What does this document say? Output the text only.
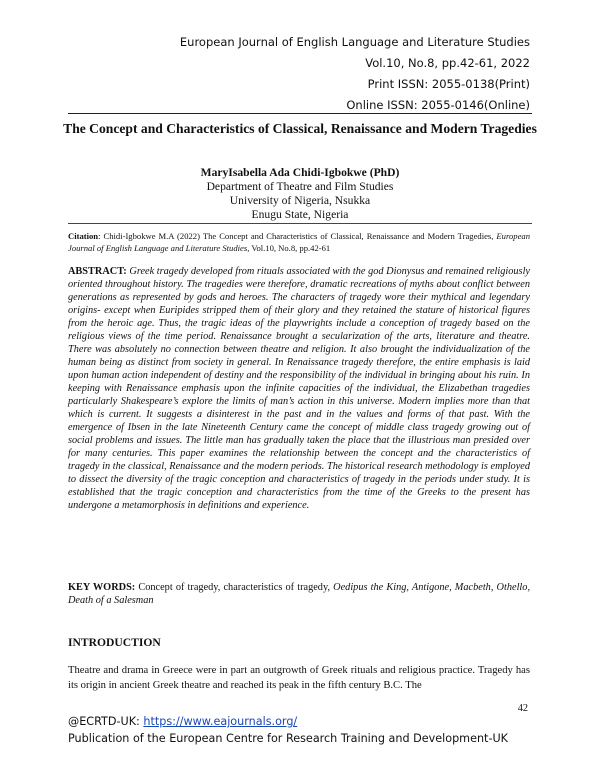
European Journal of English Language and Literature Studies
Vol.10, No.8, pp.42-61, 2022
Print ISSN: 2055-0138(Print)
Online ISSN: 2055-0146(Online)
The Concept and Characteristics of Classical, Renaissance and Modern Tragedies
MaryIsabella Ada Chidi-Igbokwe (PhD)
Department of Theatre and Film Studies
University of Nigeria, Nsukka
Enugu State, Nigeria
Citation: Chidi-Igbokwe M.A (2022) The Concept and Characteristics of Classical, Renaissance and Modern Tragedies, European Journal of English Language and Literature Studies, Vol.10, No.8, pp.42-61
ABSTRACT: Greek tragedy developed from rituals associated with the god Dionysus and remained religiously oriented throughout history. The tragedies were therefore, dramatic recreations of myths about conflict between generations as represented by gods and heroes. The characters of tragedy wore their mythical and legendary origins- except when Euripides stripped them of their glory and they retained the stature of historical figures from the heroic age. Thus, the tragic ideas of the playwrights include a conception of tragedy based on the religious views of the time period. Renaissance brought a secularization of the arts, literature and theatre. There was absolutely no connection between theatre and religion. It also brought the individualization of the human being as distinct from society in general. In Renaissance tragedy therefore, the entire emphasis is laid upon human action independent of destiny and the responsibility of the individual in bringing about his ruin. In keeping with Renaissance emphasis upon the infinite capacities of the individual, the Elizabethan tragedies particularly Shakespeare’s explore the limits of man’s action in this universe. Modern implies more than that which is current. It suggests a disinterest in the past and in the values and forms of that past. With the emergence of Ibsen in the late Nineteenth Century came the concept of middle class tragedy growing out of social problems and issues. The little man has gradually taken the place that the illustrious man presided over for many centuries. This paper examines the relationship between the concept and the characteristics of tragedy in the classical, Renaissance and the modern periods. The historical research methodology is employed to dissect the diversity of the tragic conception and characteristics of tragedy in the periods under study. It is established that the tragic conception and characteristics from the time of the Greeks to the present has undergone a metamorphosis in definitions and experience.
KEY WORDS: Concept of tragedy, characteristics of tragedy, Oedipus the King, Antigone, Macbeth, Othello, Death of a Salesman
INTRODUCTION
Theatre and drama in Greece were in part an outgrowth of Greek rituals and religious practice. Tragedy has its origin in ancient Greek theatre and reached its peak in the fifth century B.C. The
42
@ECRTD-UK: https://www.eajournals.org/
Publication of the European Centre for Research Training and Development-UK
